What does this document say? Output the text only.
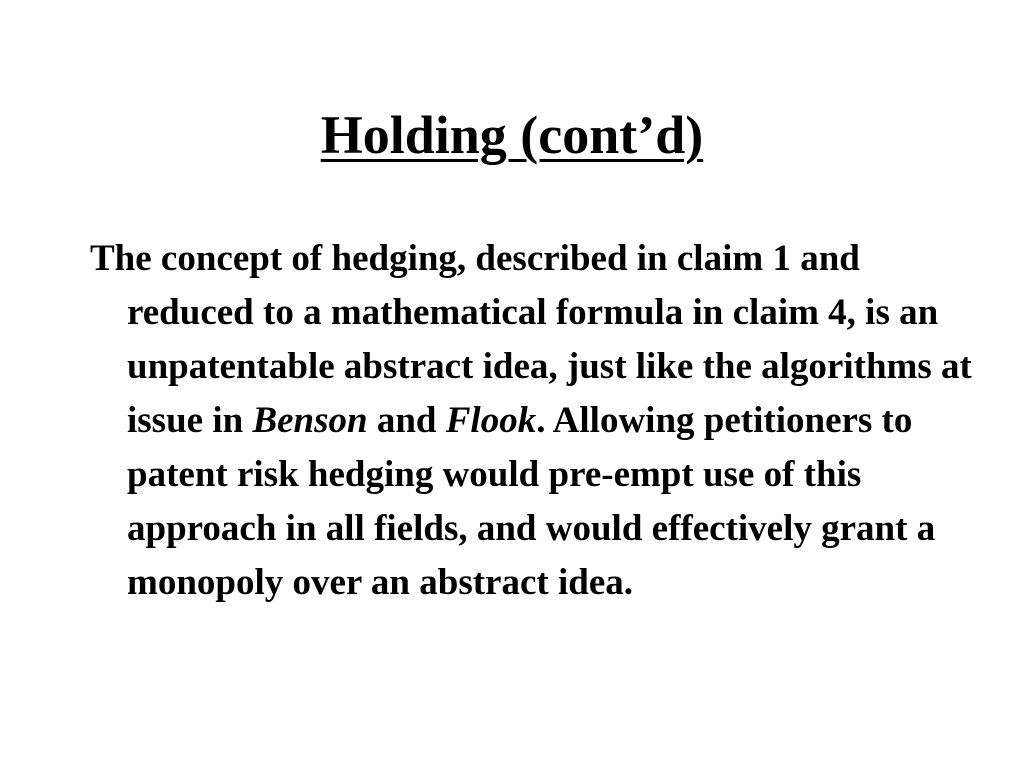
Holding (cont’d)

The concept of hedging, described in claim 1 and reduced to a mathematical formula in claim 4, is an unpatentable abstract idea, just like the algorithms at issue in Benson and Flook. Allowing petitioners to patent risk hedging would pre-empt use of this approach in all fields, and would effectively grant a monopoly over an abstract idea.
